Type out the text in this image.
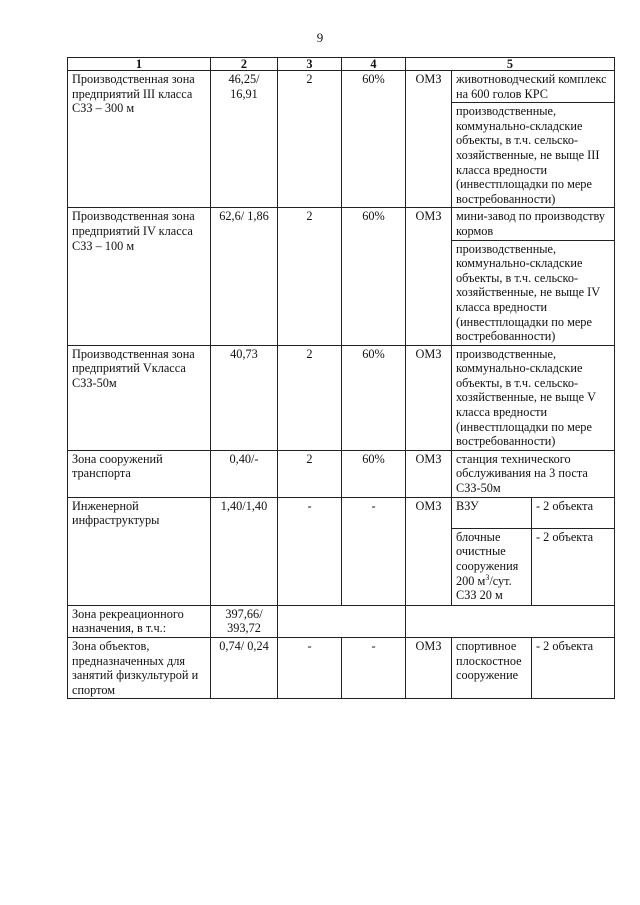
9
1	2	3	4	5		
Производственная зона предприятий III класса СЗЗ – 300 м	46,25/ 16,91	2	60%	ОМЗ	животноводческий комплекс на 600 голов КРС	
					производственные, коммунально-складские объекты, в т.ч. сельско-хозяйственные, не выще III класса вредности (инвестплощадки по мере востребованности)	
Производственная зона предприятий IV класса СЗЗ – 100 м	62,6/ 1,86	2	60%	ОМЗ	мини-завод по производству кормов	
					производственные, коммунально-складские объекты, в т.ч. сельско-хозяйственные, не выще IV класса вредности (инвестплощадки по мере востребованности)	
Производственная зона предприятий Vкласса СЗЗ-50м	40,73	2	60%	ОМЗ	производственные, коммунально-складские объекты, в т.ч. сельско-хозяйственные, не выще V класса вредности (инвестплощадки по мере востребованности)	
Зона сооружений транспорта	0,40/-	2	60%	ОМЗ	станция технического обслуживания на 3 поста СЗЗ-50м	
Инженерной инфраструктуры	1,40/1,40	-	-	ОМЗ	ВЗУ	- 2 объекта
					блочные очистные сооружения 200 $м^3$/сут. СЗЗ 20 м	- 2 объекта
Зона рекреационного назначения, в т.ч.:	397,66/ 393,72					
Зона объектов, предназначенных для занятий физкультурой и спортом	0,74/ 0,24	-	-	ОМЗ	спортивное плоскостное сооружение	- 2 объекта
